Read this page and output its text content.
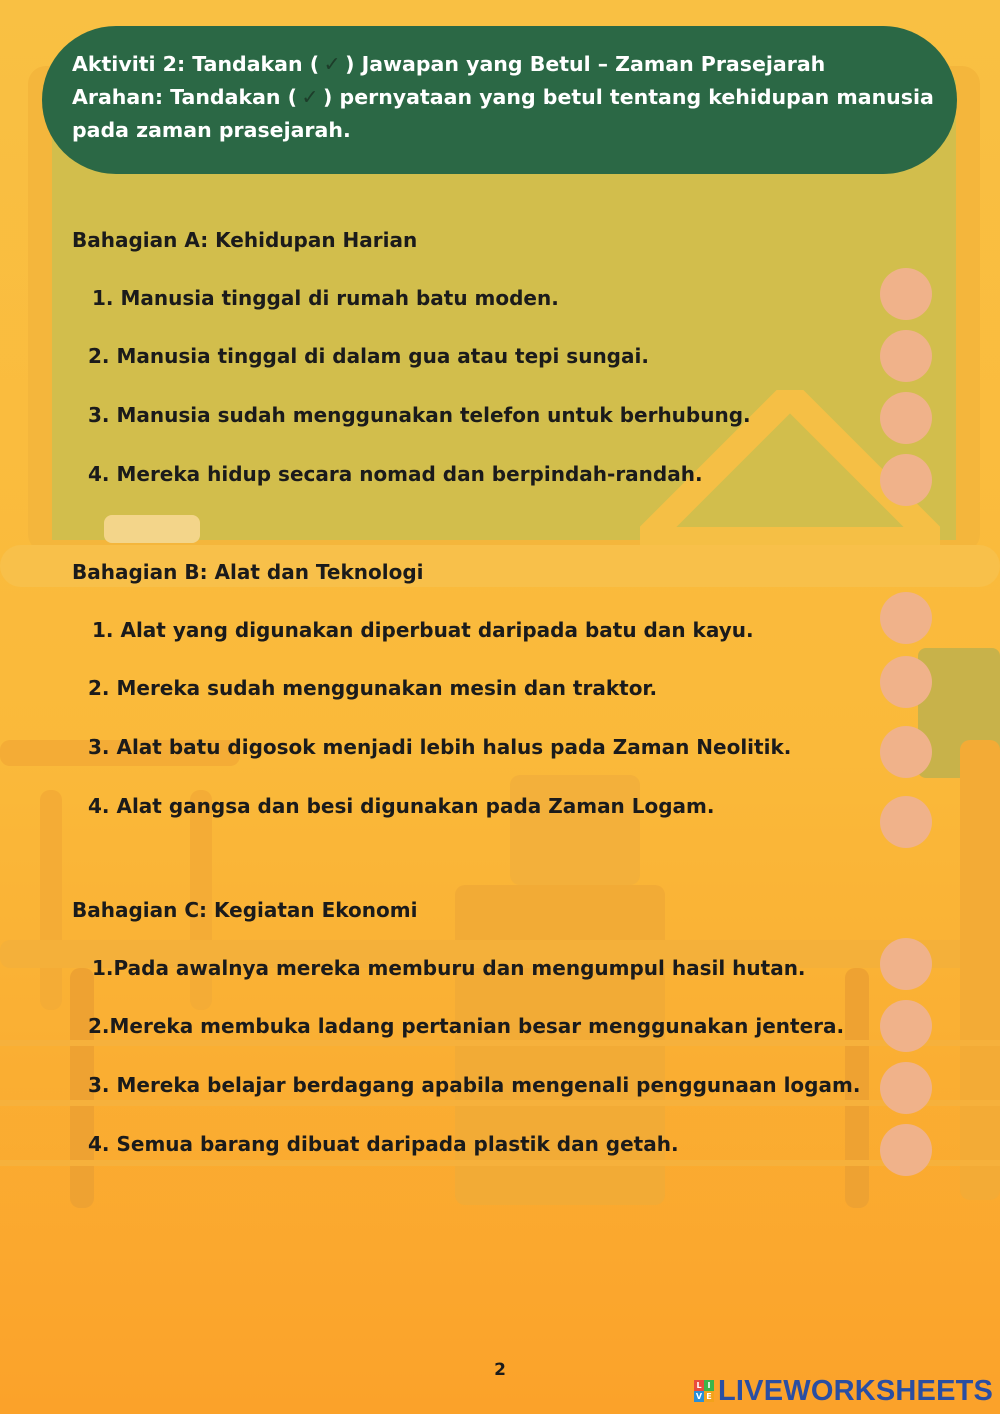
Aktiviti 2: Tandakan ( ✓ ) Jawapan yang Betul – Zaman Prasejarah
Arahan: Tandakan ( ✓ ) pernyataan yang betul tentang kehidupan manusia
pada zaman prasejarah.
Bahagian A: Kehidupan Harian
1. Manusia tinggal di rumah batu moden.
2. Manusia tinggal di dalam gua atau tepi sungai.
3. Manusia sudah menggunakan telefon untuk berhubung.
4. Mereka hidup secara nomad dan berpindah-randah.
Bahagian B: Alat dan Teknologi
1. Alat yang digunakan diperbuat daripada batu dan kayu.
2. Mereka sudah menggunakan mesin dan traktor.
3. Alat batu digosok menjadi lebih halus pada Zaman Neolitik.
4. Alat gangsa dan besi digunakan pada Zaman Logam.
Bahagian C: Kegiatan Ekonomi
1.Pada awalnya mereka memburu dan mengumpul hasil hutan.
2.Mereka membuka ladang pertanian besar menggunakan jentera.
3. Mereka belajar berdagang apabila mengenali penggunaan logam.
4. Semua barang dibuat daripada plastik dan getah.
2
L I
V E LIVEWORKSHEETS
